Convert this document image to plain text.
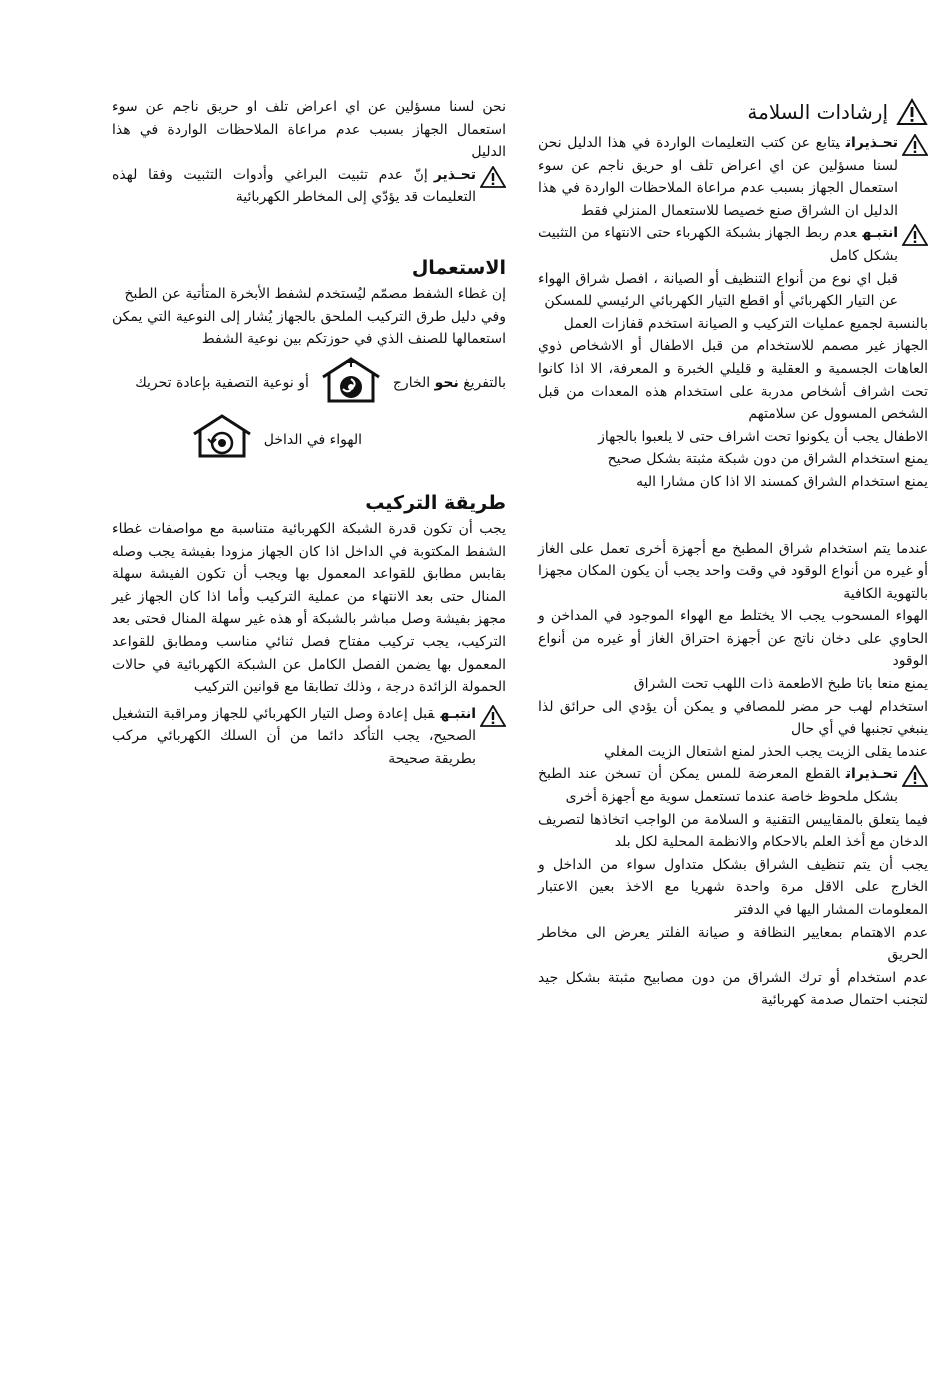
إرشادات السلامة

تحـذيراتيتابع عن كتب التعليمات الواردة في هذا الدليل نحن لسنا مسؤلين عن اي اعراض تلف او حريق ناجم عن سوء استعمال الجهاز بسبب عدم مراعاة الملاحظات الواردة في هذا الدليل ان الشراق صنع خصيصا للاستعمال المنزلي فقط

انتبـهعدم ربط الجهاز بشبكة الكهرباء حتى الانتهاء من التثبيت بشكل كامل

قبل اي نوع من أنواع التنظيف أو الصيانة ، افصل شراق الهواء عن التيار الكهربائي أو اقطع التيار الكهربائي الرئيسي للمسكن

بالنسبة لجميع عمليات التركيب و الصيانة استخدم قفازات العمل

الجهاز غير مصمم للاستخدام من قبل الاطفال أو الاشخاص ذوي العاهات الجسمية و العقلية و قليلي الخبرة و المعرفة، الا اذا كانوا تحت اشراف أشخاص مدربة على استخدام هذه المعدات من قبل الشخص المسوول عن سلامتهم

الاطفال يجب أن يكونوا تحت اشراف حتى لا يلعبوا بالجهاز

يمنع استخدام الشراق من دون شبكة مثبتة بشكل صحيح

يمنع استخدام الشراق كمسند الا اذا كان مشارا اليه

عندما يتم استخدام شراق المطبخ مع أجهزة أخرى تعمل على الغاز أو غيره من أنواع الوقود في وقت واحد يجب أن يكون المكان مجهزا بالتهوية الكافية

الهواء المسحوب يجب الا يختلط مع الهواء الموجود في المداخن و الحاوي على دخان ناتج عن أجهزة احتراق الغاز أو غيره من أنواع الوقود

يمنع منعا باتا طبخ الاطعمة ذات اللهب تحت الشراق

استخدام لهب حر مضر للمصافي و يمكن أن يؤدي الى حرائق لذا ينبغي تجنبها في أي حال

عندما يقلى الزيت يجب الحذر لمنع اشتعال الزيت المغلي

تحـذيراتالقطع المعرضة للمس يمكن أن تسخن عند الطبخ بشكل ملحوظ خاصة عندما تستعمل سوية مع أجهزة أخرى

فيما يتعلق بالمقاييس التقنية و السلامة من الواجب اتخاذها لتصريف الدخان مع أخذ العلم بالاحكام والانظمة المحلية لكل بلد

يجب أن يتم تنظيف الشراق بشكل متداول سواء من الداخل و الخارج على الاقل مرة واحدة شهريا مع الاخذ بعين الاعتبار المعلومات المشار اليها في الدفتر

عدم الاهتمام بمعايير النظافة و صيانة الفلتر يعرض الى مخاطر الحريق

عدم استخدام أو ترك الشراق من دون مصابيح مثبتة بشكل جيد لتجنب احتمال صدمة كهربائية

نحن لسنا مسؤلين عن اي اعراض تلف او حريق ناجم عن سوء استعمال الجهاز بسبب عدم مراعاة الملاحظات الواردة في هذا الدليل

تحـذيرإنّ عدم تثبيت البراغي وأدوات التثبيت وفقا لهذه التعليمات قد يؤدّي إلى المخاطر الكهربائية

الاستعمال

إن غطاء الشفط مصمّم ليُستخدم لشفط الأبخرة المتأتية عن الطبخ

وفي دليل طرق التركيب الملحق بالجهاز يُشار إلى النوعية التي يمكن استعمالها للصنف الذي في حوزتكم بين نوعية الشفط

بالتفريغ نحو الخارج
أو نوعية التصفية بإعادة تحريك
الهواء في الداخل
طريقة التركيب

يجب أن تكون قدرة الشبكة الكهربائية متناسبة مع مواصفات غطاء الشفط المكتوبة في الداخل اذا كان الجهاز مزودا بفيشة يجب وصله بقابس مطابق للقواعد المعمول بها ويجب أن تكون الفيشة سهلة المنال حتى بعد الانتهاء من عملية التركيب وأما اذا كان الجهاز غير مجهز بفيشة وصل مباشر بالشبكة أو هذه غير سهلة المنال فحتى بعد التركيب، يجب تركيب مفتاح فصل ثنائي مناسب ومطابق للقواعد المعمول بها يضمن الفصل الكامل عن الشبكة الكهربائية في حالات الحمولة الزائدة درجة ، وذلك تطابقا مع قوانين التركيب

انتبـهقبل إعادة وصل التيار الكهربائي للجهاز ومراقبة التشغيل الصحيح، يجب التأكد دائما من أن السلك الكهربائي مركب بطريقة صحيحة
